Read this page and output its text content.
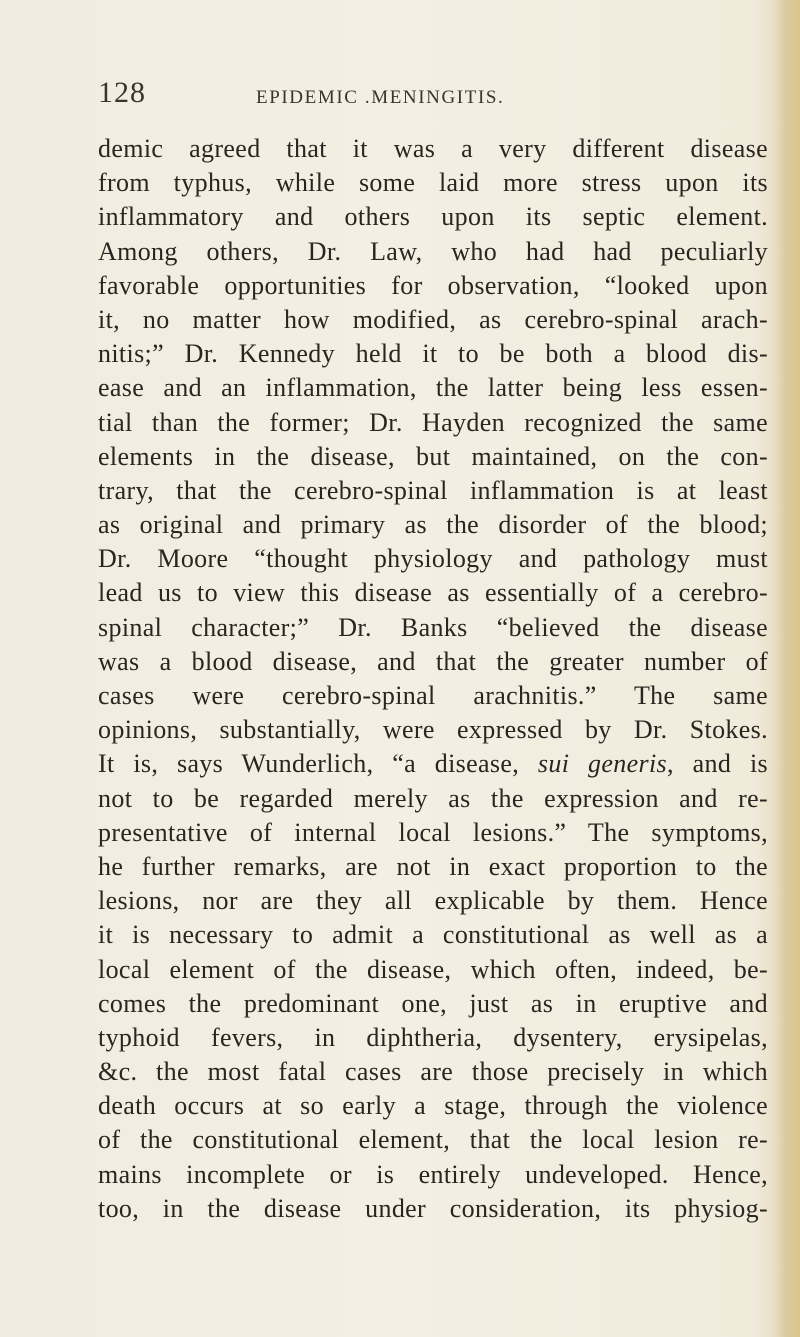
128	EPIDEMIC .MENINGITIS.
demic agreed that it was a very different disease
from typhus, while some laid more stress upon its
inflammatory and others upon its septic element.
Among others, Dr. Law, who had had peculiarly
favorable opportunities for observation, “looked upon
it, no matter how modified, as cerebro-spinal arach-
nitis;” Dr. Kennedy held it to be both a blood dis-
ease and an inflammation, the latter being less essen-
tial than the former; Dr. Hayden recognized the same
elements in the disease, but maintained, on the con-
trary, that the cerebro-spinal inflammation is at least
as original and primary as the disorder of the blood;
Dr. Moore “thought physiology and pathology must
lead us to view this disease as essentially of a cerebro-
spinal character;” Dr. Banks “believed the disease
was a blood disease, and that the greater number of
cases were cerebro-spinal arachnitis.” The same
opinions, substantially, were expressed by Dr. Stokes.
It is, says Wunderlich, “a disease, sui generis, and is
not to be regarded merely as the expression and re-
presentative of internal local lesions.” The symptoms,
he further remarks, are not in exact proportion to the
lesions, nor are they all explicable by them. Hence
it is necessary to admit a constitutional as well as a
local element of the disease, which often, indeed, be-
comes the predominant one, just as in eruptive and
typhoid fevers, in diphtheria, dysentery, erysipelas,
&c. the most fatal cases are those precisely in which
death occurs at so early a stage, through the violence
of the constitutional element, that the local lesion re-
mains incomplete or is entirely undeveloped. Hence,
too, in the disease under consideration, its physiog-
